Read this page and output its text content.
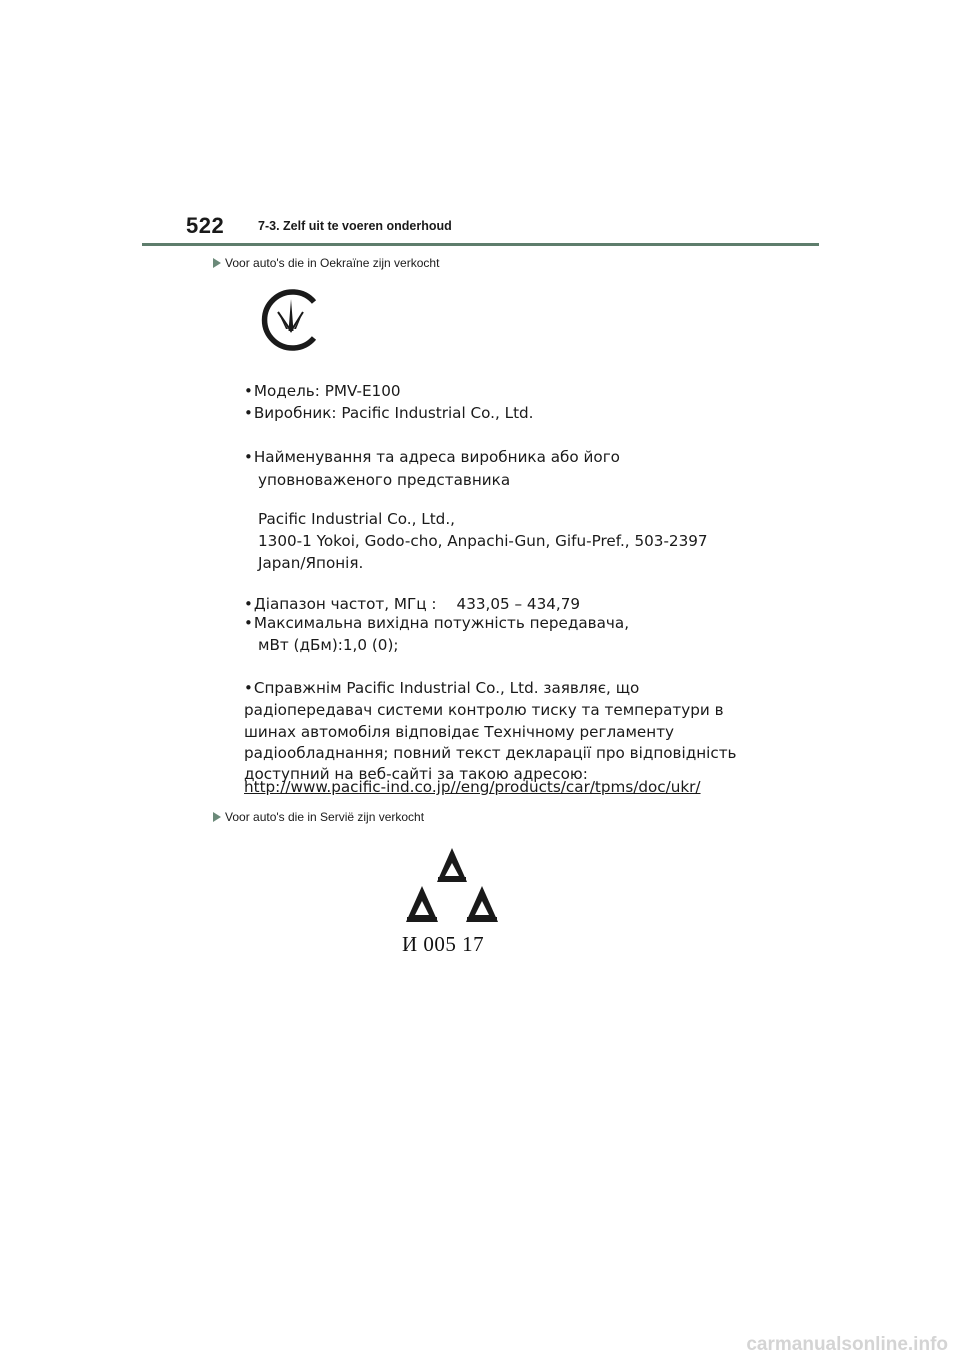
522	7-3. Zelf uit te voeren onderhoud
Voor auto's die in Oekraïne zijn verkocht
•Модель: PMV-E100
•Виробник: Pacific Industrial Co., Ltd.
•Найменування та адреса виробника або його
уповноваженого представника
Pacific Industrial Co., Ltd.,
1300-1 Yokoi, Godo-cho, Anpachi-Gun, Gifu-Pref., 503-2397
Japan/Японія.
•Діапазон частот, МГц : 433,05 – 434,79
•Максимальна вихідна потужність передавача,
мВт (дБм):1,0 (0);
•Справжнім Pacific Industrial Co., Ltd. заявляє, що
радіопередавач системи контролю тиску та температури в
шинах автомобіля відповідає Технічному регламенту
радіообладнання; повний текст декларації про відповідність
доступний на веб-сайті за такою адресою:
http://www.pacific-ind.co.jp//eng/products/car/tpms/doc/ukr/
Voor auto's die in Servië zijn verkocht
И 005 17
carmanualsonline.info
